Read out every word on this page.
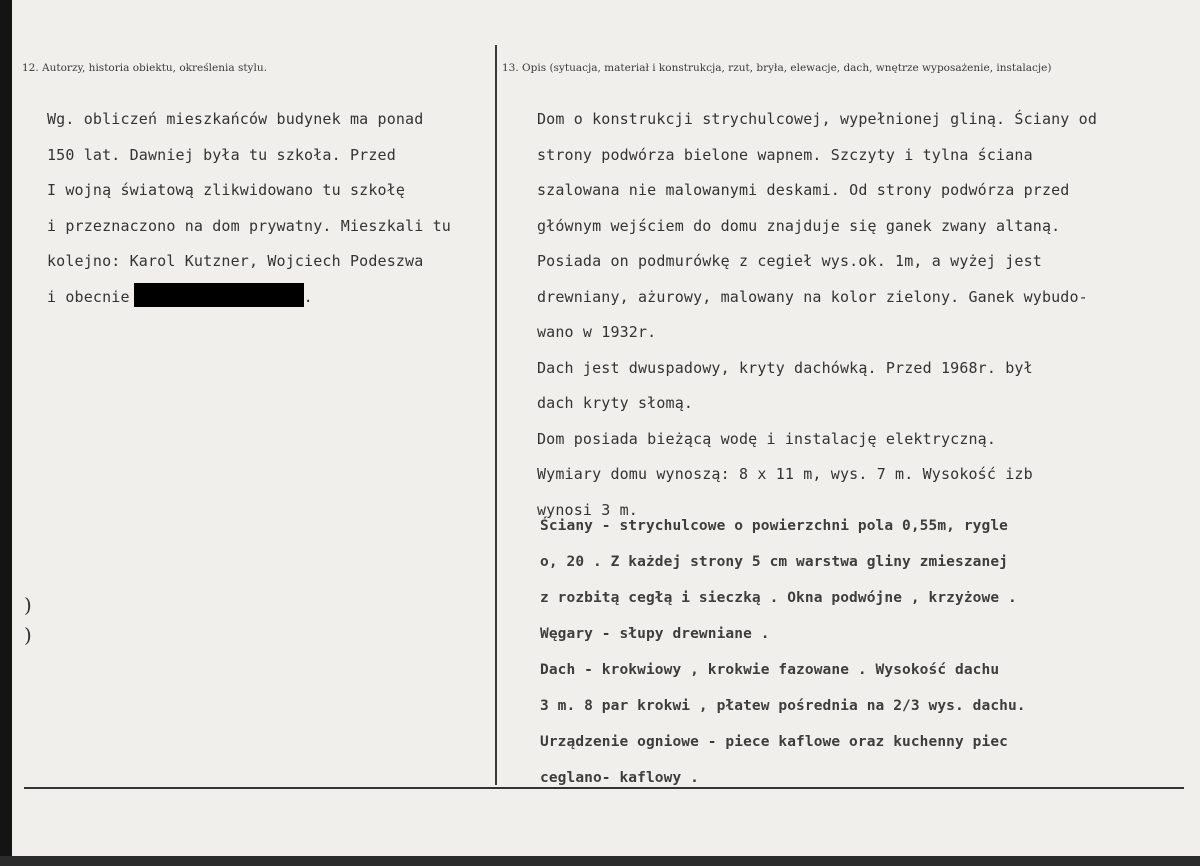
12. Autorzy, historia obiektu, określenia stylu.	13. Opis (sytuacja, materiał i konstrukcja, rzut, bryła, elewacje, dach, wnętrze wyposażenie, instalacje)
Wg. obliczeń mieszkańców budynek ma ponad
150 lat. Dawniej była tu szkoła. Przed
I wojną światową zlikwidowano tu szkołę
i przeznaczono na dom prywatny. Mieszkali tu
kolejno: Karol Kutzner, Wojciech Podeszwa
i obecnie	.
Dom o konstrukcji strychulcowej, wypełnionej gliną. Ściany od
strony podwórza bielone wapnem. Szczyty i tylna ściana
szalowana nie malowanymi deskami. Od strony podwórza przed
głównym wejściem do domu znajduje się ganek zwany altaną.
Posiada on podmurówkę z cegieł wys.ok. 1m, a wyżej jest
drewniany, ażurowy, malowany na kolor zielony. Ganek wybudo-
wano w 1932r.
Dach jest dwuspadowy, kryty dachówką. Przed 1968r. był
dach kryty słomą.
Dom posiada bieżącą wodę i instalację elektryczną.
Wymiary domu wynoszą: 8 x 11 m, wys. 7 m. Wysokość izb
wynosi 3 m.
Ściany - strychulcowe o powierzchni pola 0,55m, rygle
o, 20 . Z każdej strony 5 cm warstwa gliny zmieszanej
z rozbitą cegłą i sieczką . Okna podwójne , krzyżowe .
Węgary - słupy drewniane .
Dach - krokwiowy , krokwie fazowane . Wysokość dachu
3 m. 8 par krokwi , płatew pośrednia na 2/3 wys. dachu.
Urządzenie ogniowe - piece kaflowe oraz kuchenny piec
ceglano- kaflowy .
)
)
